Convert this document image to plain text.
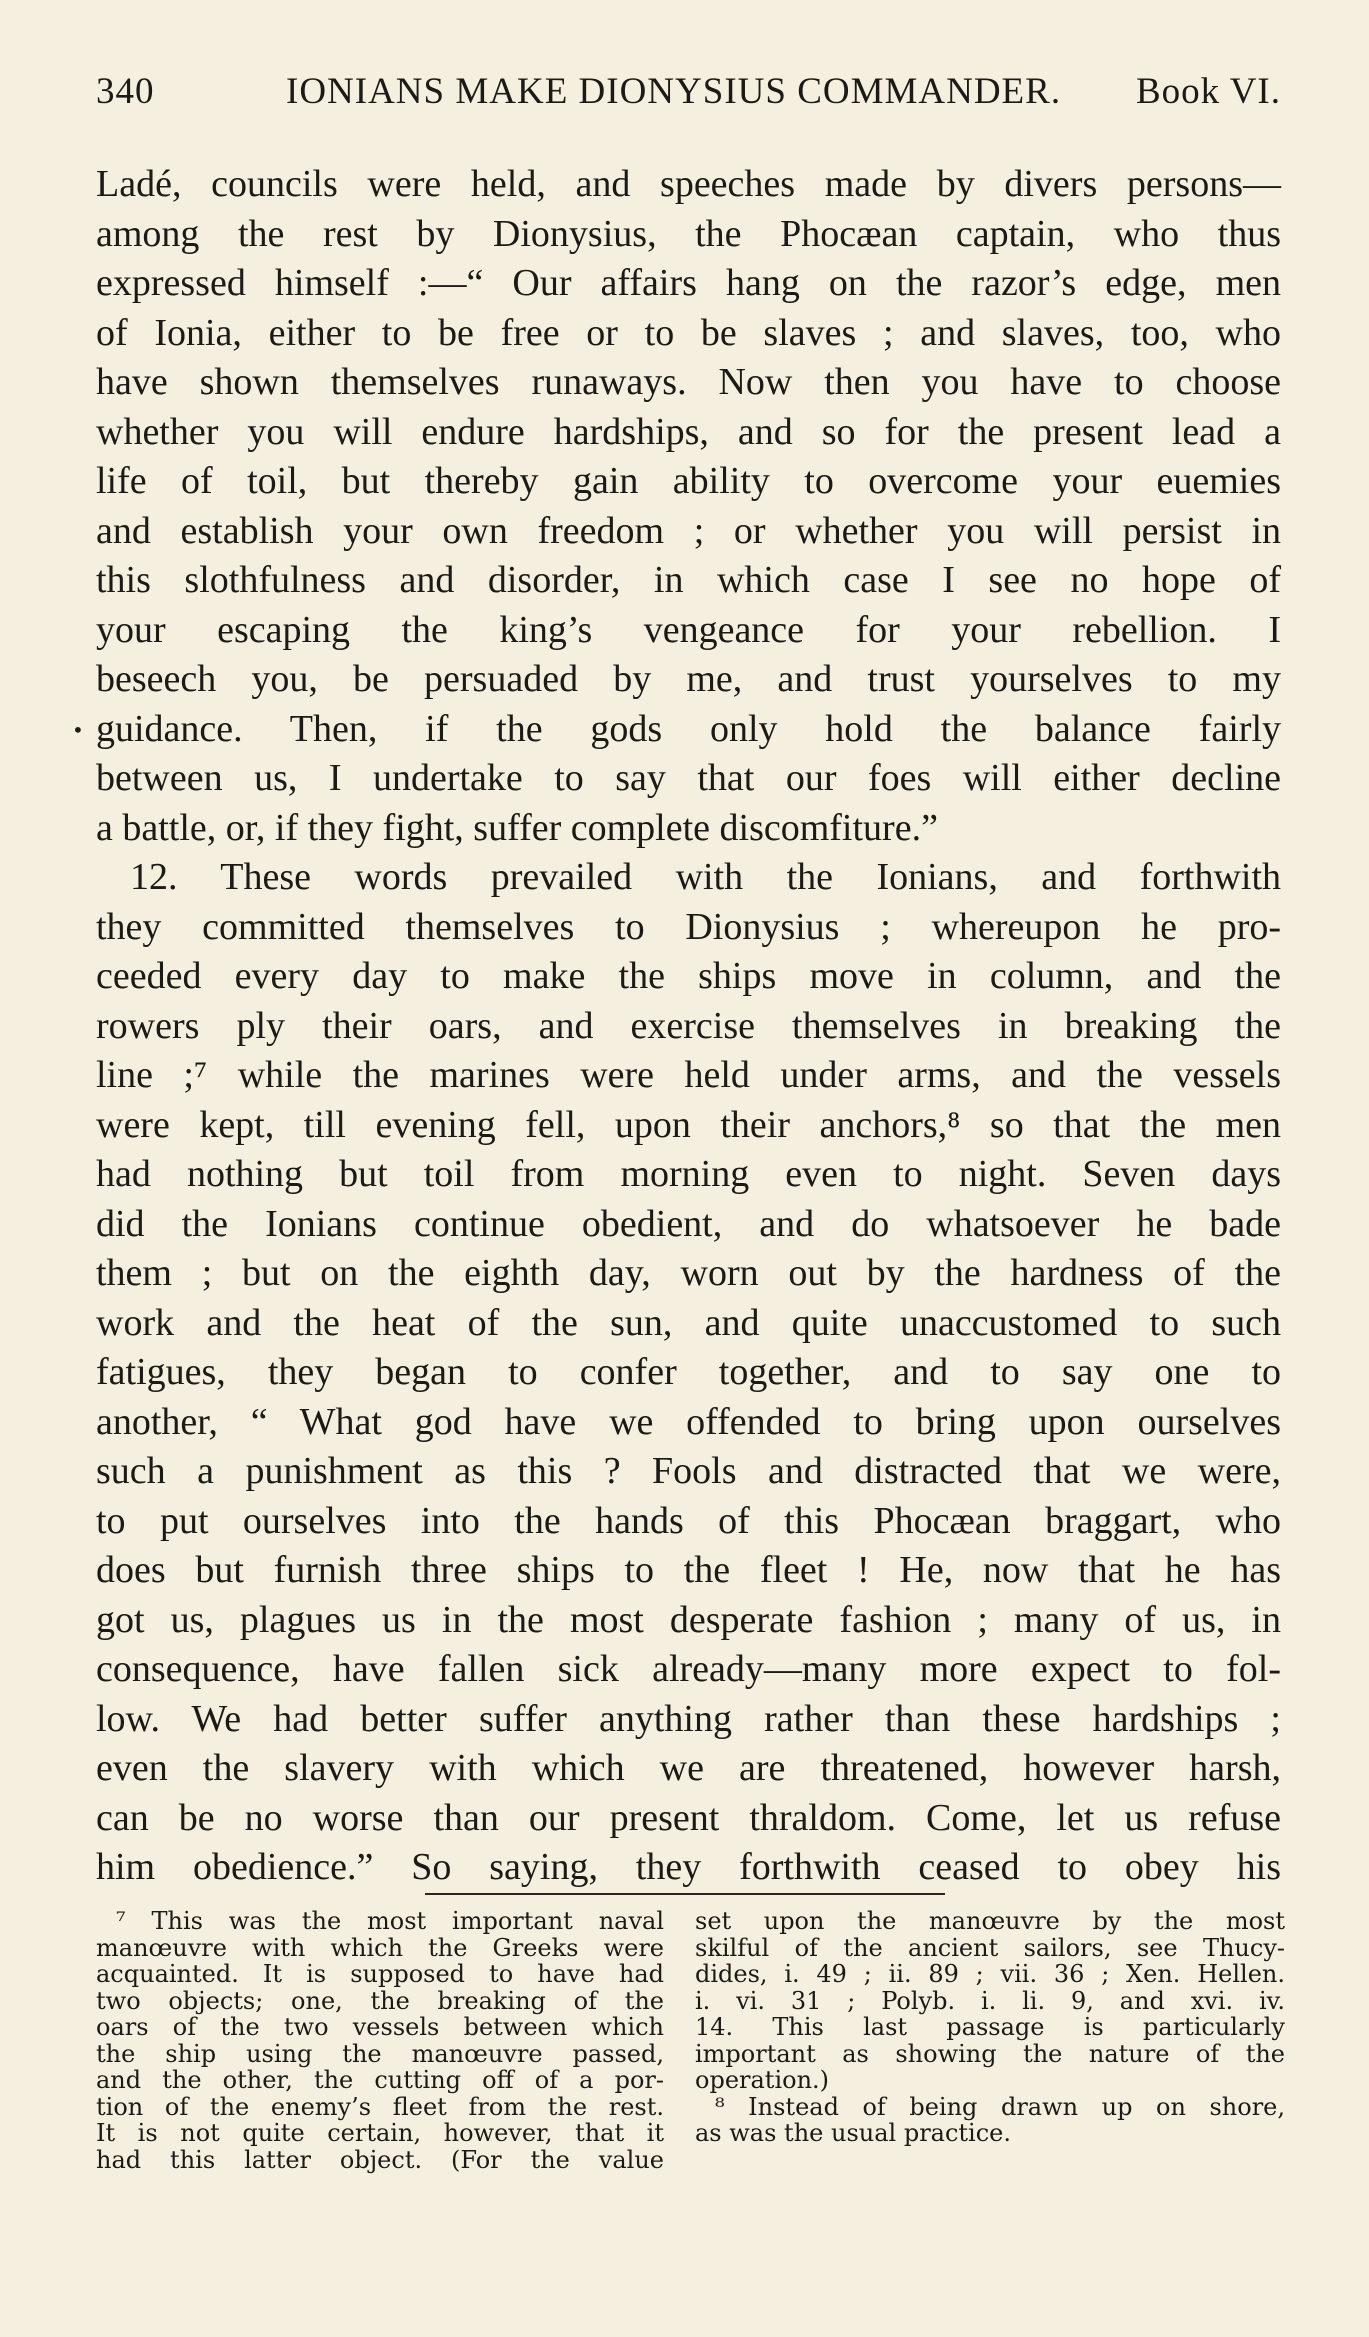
340	IONIANS MAKE DIONYSIUS COMMANDER. Book VI.
•
Ladé, councils were held, and speeches made by divers persons—
among the rest by Dionysius, the Phocæan captain, who thus
expressed himself :—“ Our affairs hang on the razor’s edge, men
of Ionia, either to be free or to be slaves ; and slaves, too, who
have shown themselves runaways. Now then you have to choose
whether you will endure hardships, and so for the present lead a
life of toil, but thereby gain ability to overcome your euemies
and establish your own freedom ; or whether you will persist in
this slothfulness and disorder, in which case I see no hope of
your escaping the king’s vengeance for your rebellion. I
beseech you, be persuaded by me, and trust yourselves to my
guidance. Then, if the gods only hold the balance fairly
between us, I undertake to say that our foes will either decline
a battle, or, if they fight, suffer complete discomfiture.”
12. These words prevailed with the Ionians, and forthwith
they committed themselves to Dionysius ; whereupon he pro-
ceeded every day to make the ships move in column, and the
rowers ply their oars, and exercise themselves in breaking the
line ;⁷ while the marines were held under arms, and the vessels
were kept, till evening fell, upon their anchors,⁸ so that the men
had nothing but toil from morning even to night. Seven days
did the Ionians continue obedient, and do whatsoever he bade
them ; but on the eighth day, worn out by the hardness of the
work and the heat of the sun, and quite unaccustomed to such
fatigues, they began to confer together, and to say one to
another, “ What god have we offended to bring upon ourselves
such a punishment as this ? Fools and distracted that we were,
to put ourselves into the hands of this Phocæan braggart, who
does but furnish three ships to the fleet ! He, now that he has
got us, plagues us in the most desperate fashion ; many of us, in
consequence, have fallen sick already—many more expect to fol-
low. We had better suffer anything rather than these hardships ;
even the slavery with which we are threatened, however harsh,
can be no worse than our present thraldom. Come, let us refuse
him obedience.” So saying, they forthwith ceased to obey his
⁷ This was the most important naval
manœuvre with which the Greeks were
acquainted. It is supposed to have had
two objects; one, the breaking of the
oars of the two vessels between which
the ship using the manœuvre passed,
and the other, the cutting off of a por-
tion of the enemy’s fleet from the rest.
It is not quite certain, however, that it
had this latter object. (For the value
set upon the manœuvre by the most
skilful of the ancient sailors, see Thucy-
dides, i. 49 ; ii. 89 ; vii. 36 ; Xen. Hellen.
i. vi. 31 ; Polyb. i. li. 9, and xvi. iv.
14. This last passage is particularly
important as showing the nature of the
operation.)
⁸ Instead of being drawn up on shore,
as was the usual practice.
